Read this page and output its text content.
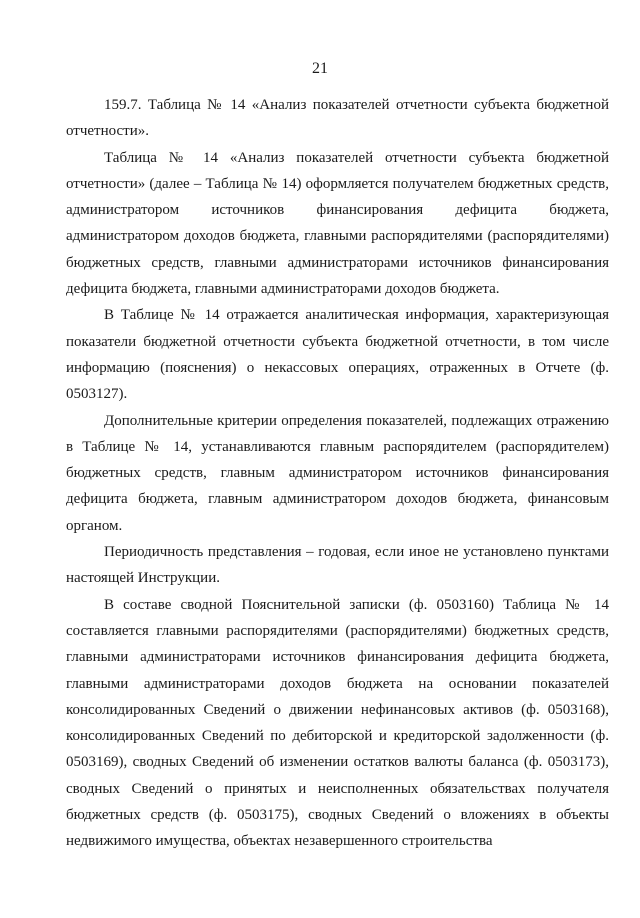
21

159.7. Таблица № 14 «Анализ показателей отчетности субъекта бюджетной отчетности».

Таблица № 14 «Анализ показателей отчетности субъекта бюджетной отчетности» (далее – Таблица № 14) оформляется получателем бюджетных средств, администратором источников финансирования дефицита бюджета, администратором доходов бюджета, главными распорядителями (распорядителями) бюджетных средств, главными администраторами источников финансирования дефицита бюджета, главными администраторами доходов бюджета.

В Таблице № 14 отражается аналитическая информация, характеризующая показатели бюджетной отчетности субъекта бюджетной отчетности, в том числе информацию (пояснения) о некассовых операциях, отраженных в Отчете (ф. 0503127).

Дополнительные критерии определения показателей, подлежащих отражению в Таблице № 14, устанавливаются главным распорядителем (распорядителем) бюджетных средств, главным администратором источников финансирования дефицита бюджета, главным администратором доходов бюджета, финансовым органом.

Периодичность представления – годовая, если иное не установлено пунктами настоящей Инструкции.

В составе сводной Пояснительной записки (ф. 0503160) Таблица № 14 составляется главными распорядителями (распорядителями) бюджетных средств, главными администраторами источников финансирования дефицита бюджета, главными администраторами доходов бюджета на основании показателей консолидированных Сведений о движении нефинансовых активов (ф. 0503168), консолидированных Сведений по дебиторской и кредиторской задолженности (ф. 0503169), сводных Сведений об изменении остатков валюты баланса (ф. 0503173), сводных Сведений о принятых и неисполненных обязательствах получателя бюджетных средств (ф. 0503175), сводных Сведений о вложениях в объекты недвижимого имущества, объектах незавершенного строительства
